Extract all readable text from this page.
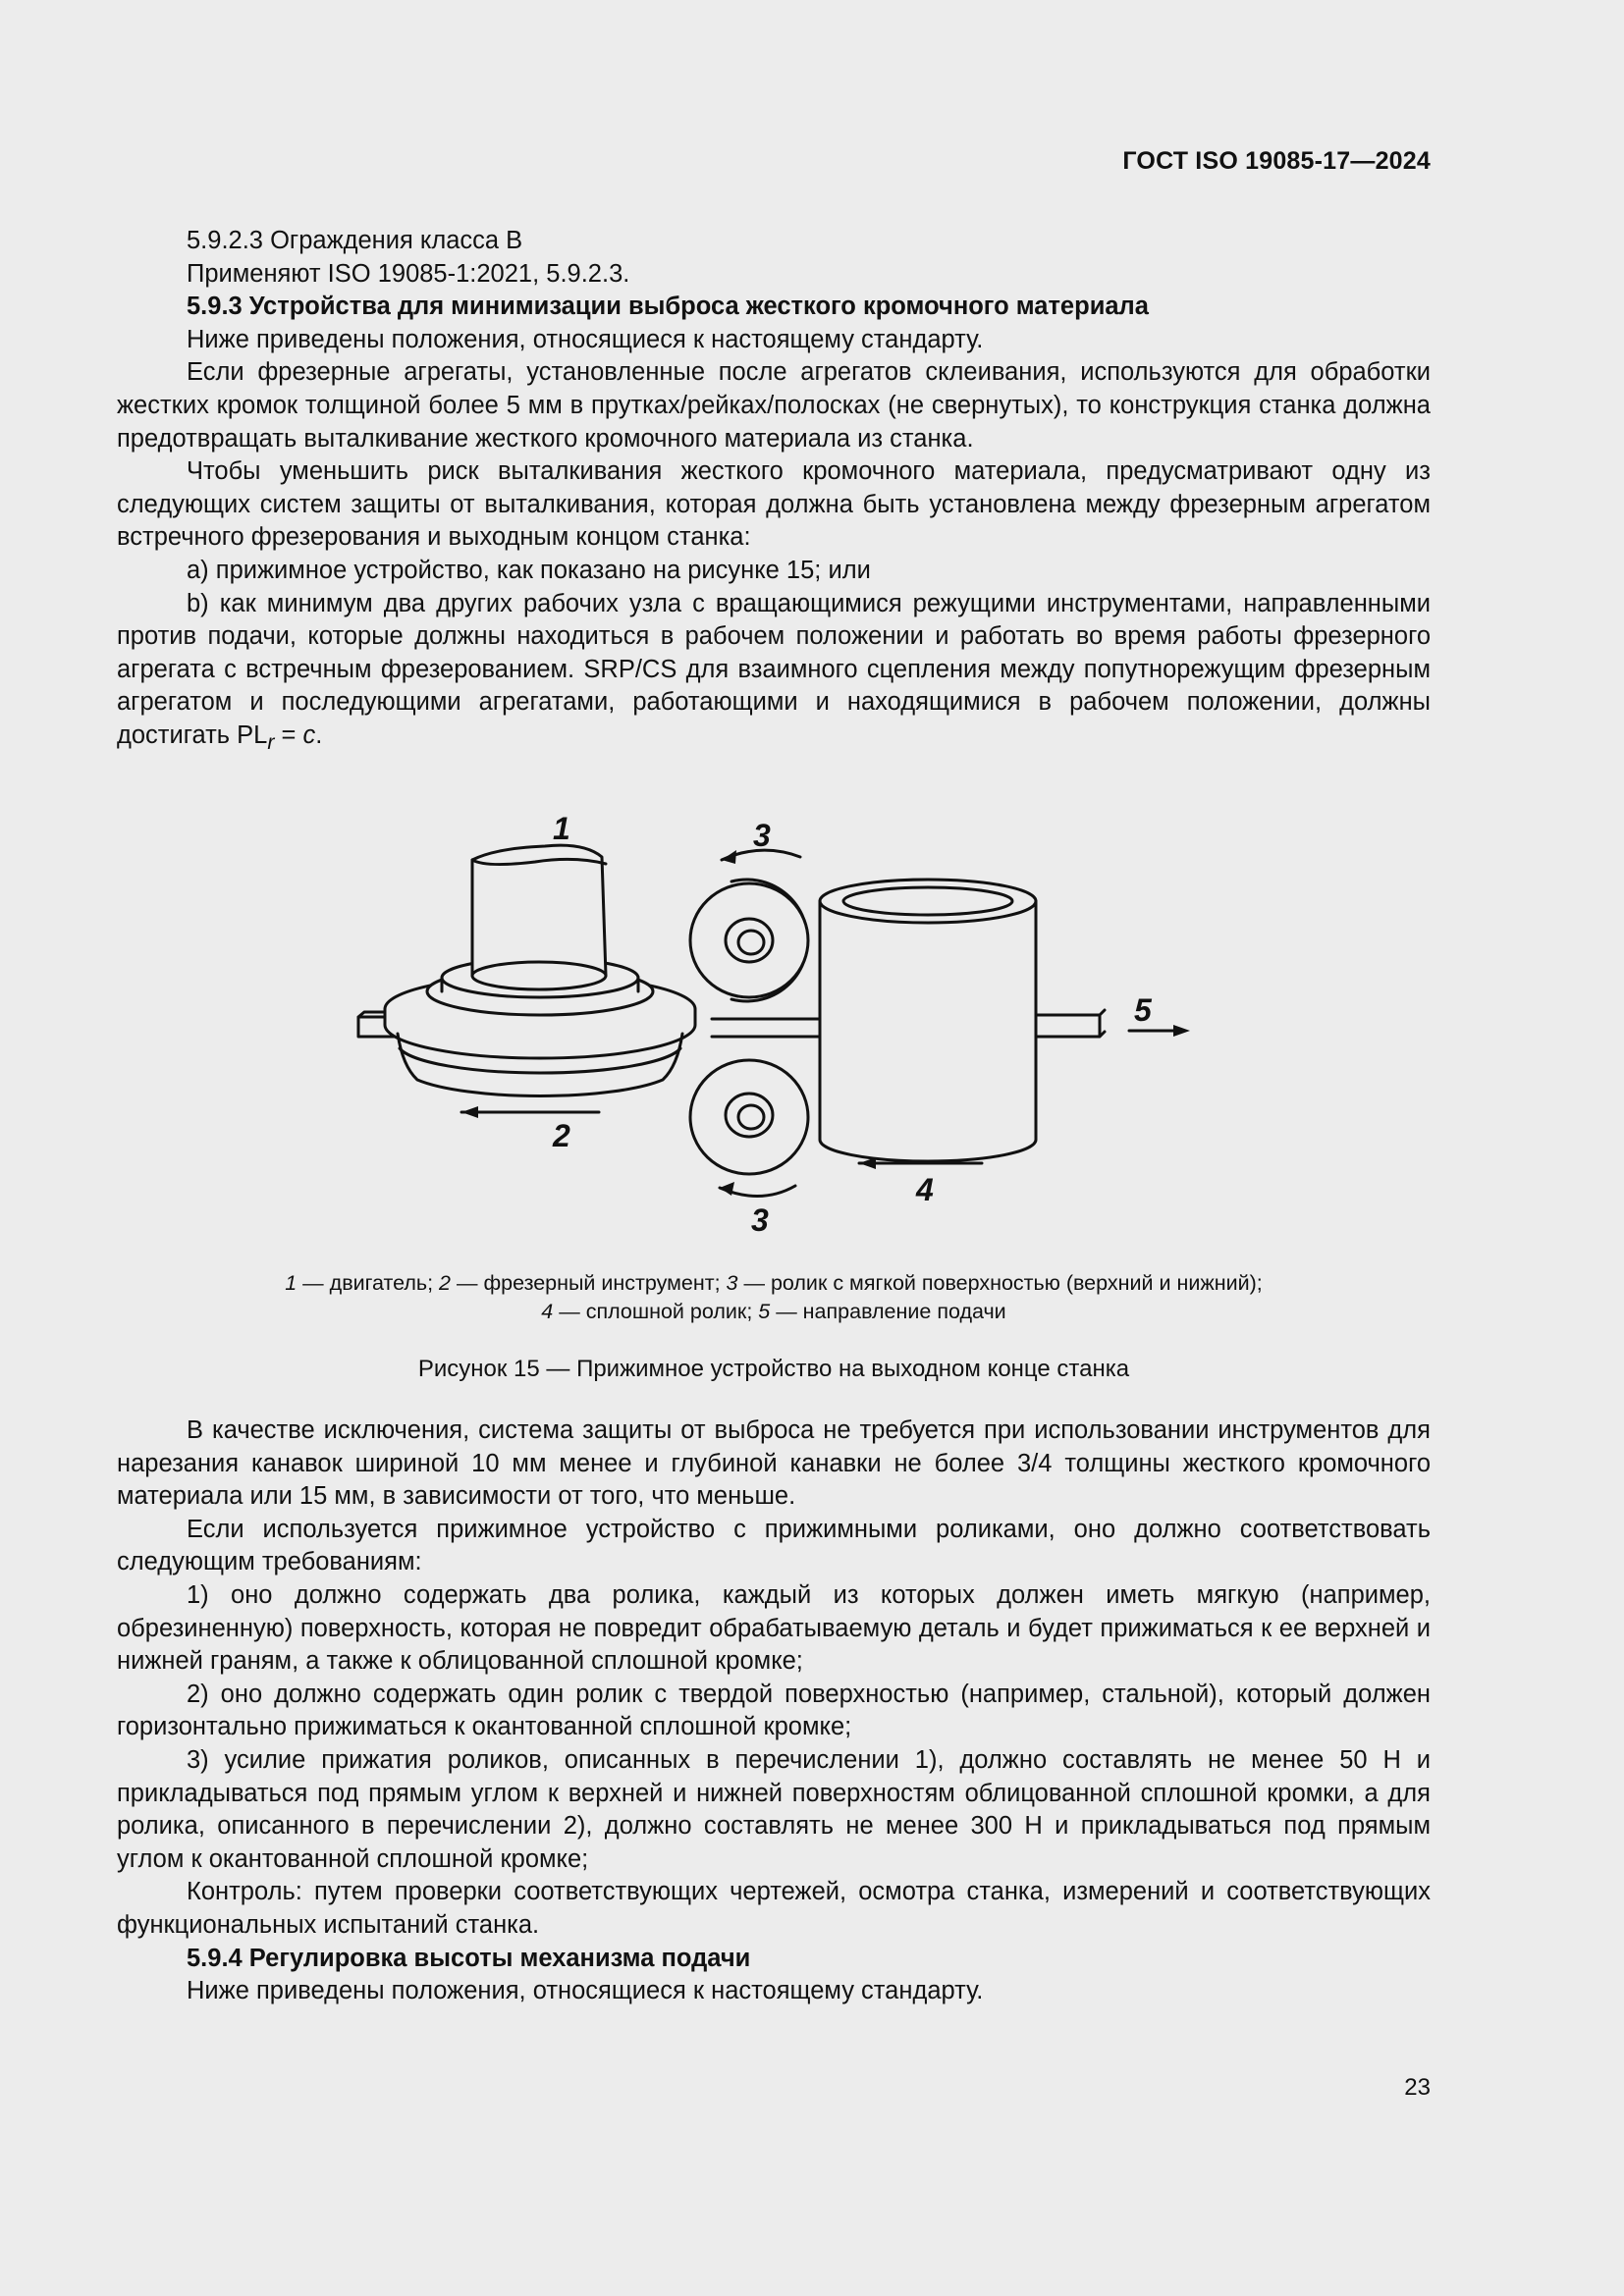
ГОСТ ISO 19085-17—2024

5.9.2.3 Ограждения класса В

Применяют ISO 19085-1:2021, 5.9.2.3.

5.9.3 Устройства для минимизации выброса жесткого кромочного материала

Ниже приведены положения, относящиеся к настоящему стандарту.

Если фрезерные агрегаты, установленные после агрегатов склеивания, используются для обработки жестких кромок толщиной более 5 мм в прутках/рейках/полосках (не свернутых), то конструкция станка должна предотвращать выталкивание жесткого кромочного материала из станка.

Чтобы уменьшить риск выталкивания жесткого кромочного материала, предусматривают одну из следующих систем защиты от выталкивания, которая должна быть установлена между фрезерным агрегатом встречного фрезерования и выходным концом станка:

a) прижимное устройство, как показано на рисунке 15; или

b) как минимум два других рабочих узла с вращающимися режущими инструментами, направленными против подачи, которые должны находиться в рабочем положении и работать во время работы фрезерного агрегата с встречным фрезерованием. SRP/CS для взаимного сцепления между попутнорежущим фрезерным агрегатом и последующими агрегатами, работающими и находящимися в рабочем положении, должны достигать $PL_r = c$.

1	3
5
2
4
3
1 — двигатель; 2 — фрезерный инструмент; 3 — ролик с мягкой поверхностью (верхний и нижний);
4 — сплошной ролик; 5 — направление подачи
Рисунок 15 — Прижимное устройство на выходном конце станка

В качестве исключения, система защиты от выброса не требуется при использовании инструментов для нарезания канавок шириной 10 мм менее и глубиной канавки не более 3/4 толщины жесткого кромочного материала или 15 мм, в зависимости от того, что меньше.

Если используется прижимное устройство с прижимными роликами, оно должно соответствовать следующим требованиям:

1) оно должно содержать два ролика, каждый из которых должен иметь мягкую (например, обрезиненную) поверхность, которая не повредит обрабатываемую деталь и будет прижиматься к ее верхней и нижней граням, а также к облицованной сплошной кромке;

2) оно должно содержать один ролик с твердой поверхностью (например, стальной), который должен горизонтально прижиматься к окантованной сплошной кромке;

3) усилие прижатия роликов, описанных в перечислении 1), должно составлять не менее 50 Н и прикладываться под прямым углом к верхней и нижней поверхностям облицованной сплошной кромки, а для ролика, описанного в перечислении 2), должно составлять не менее 300 Н и прикладываться под прямым углом к окантованной сплошной кромке;

Контроль: путем проверки соответствующих чертежей, осмотра станка, измерений и соответствующих функциональных испытаний станка.

5.9.4 Регулировка высоты механизма подачи

Ниже приведены положения, относящиеся к настоящему стандарту.

23
